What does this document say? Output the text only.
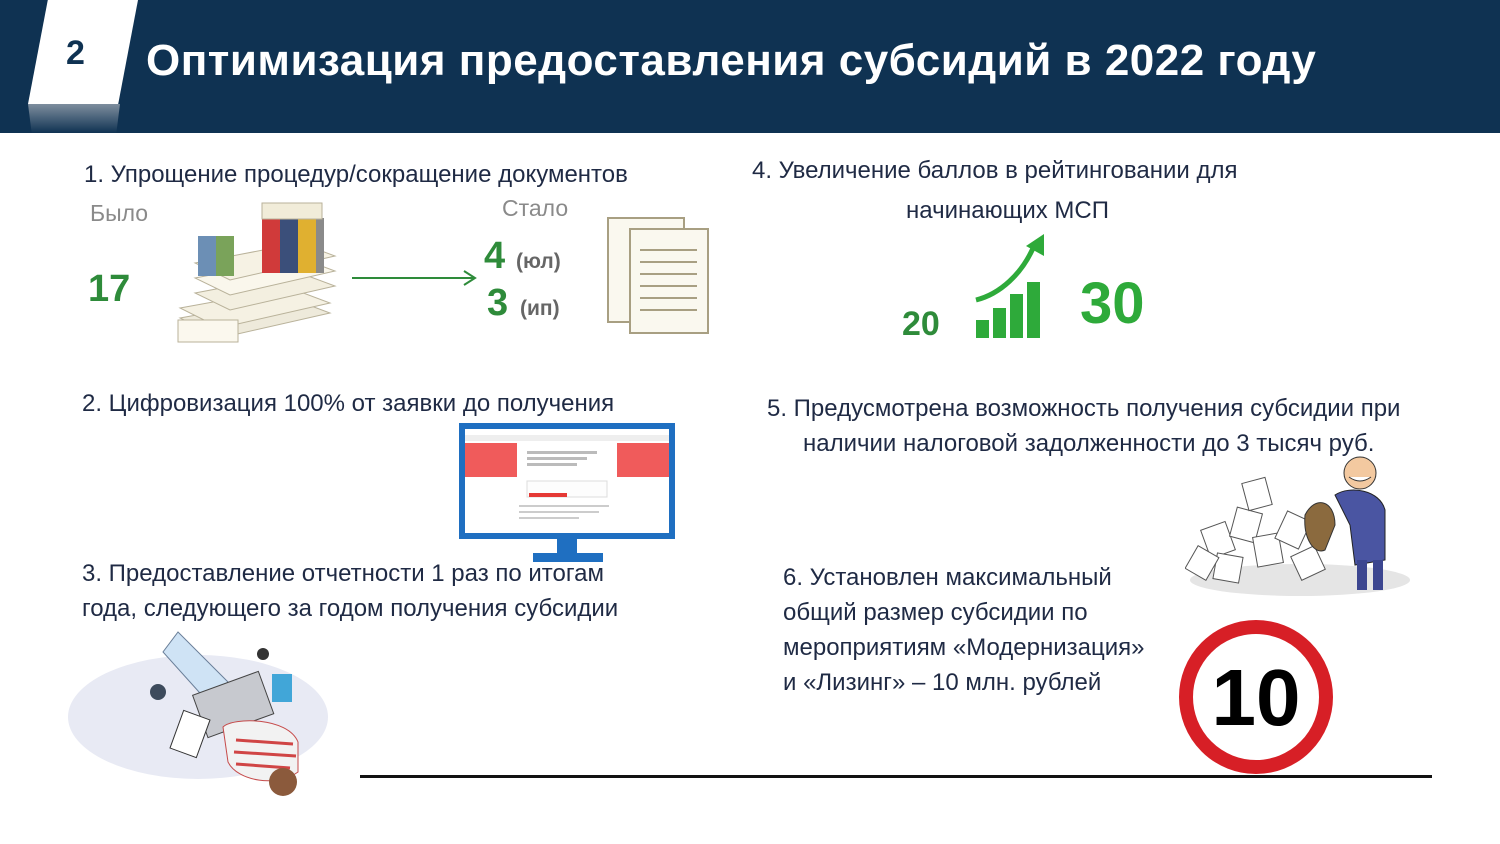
2 Оптимизация предоставления субсидий в 2022 году
1. Упрощение процедур/сокращение документов
Было	Стало
17
4 (юл)
3 (ип)
2. Цифровизация 100% от заявки до получения
3. Предоставление отчетности 1 раз по итогам
года, следующего за годом получения субсидии
4. Увеличение баллов в рейтинговании для
начинающих МСП
20 30
5. Предусмотрена возможность получения субсидии при
наличии налоговой задолженности до 3 тысяч руб.
6. Установлен максимальный
общий размер субсидии по
мероприятиям «Модернизация»
и «Лизинг» – 10 млн. рублей 10
